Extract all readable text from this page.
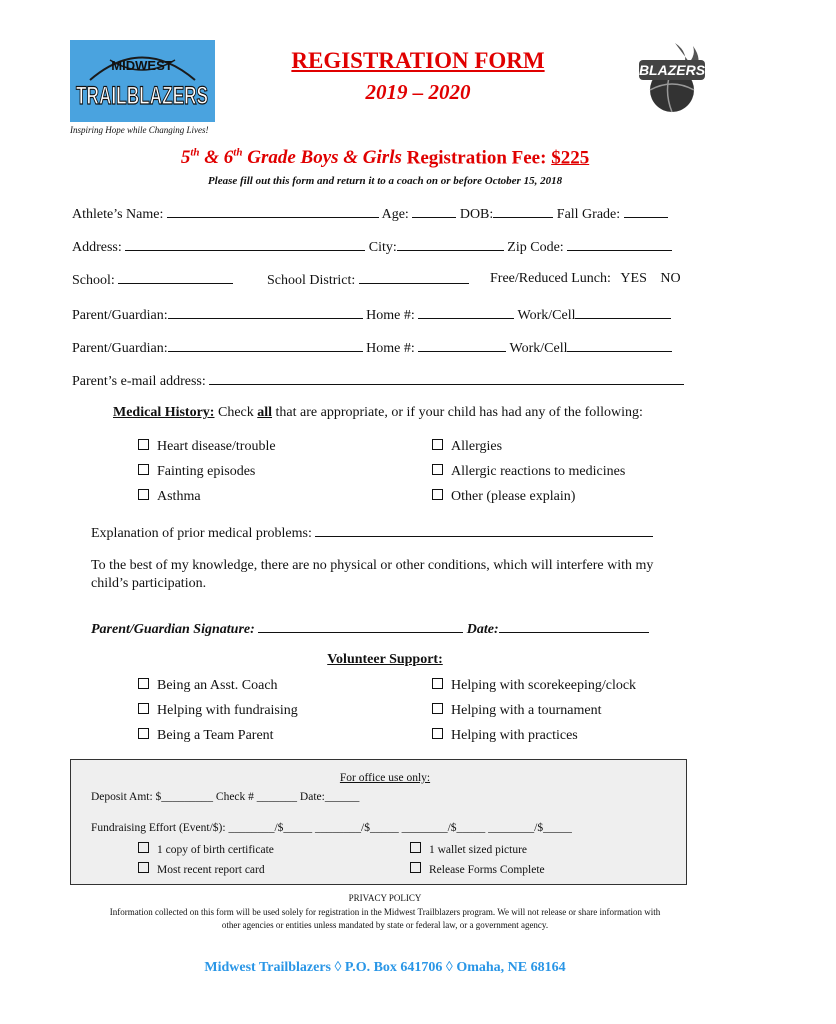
MIDWEST
TRAILBLAZERS
Inspiring Hope while Changing Lives!
REGISTRATION FORM
2019 – 2020
BLAZERS
5th & 6th Grade Boys & Girls Registration Fee: $225
Please fill out this form and return it to a coach on or before October 15, 2018
Athlete’s Name:	Age:	DOB:	Fall Grade:
Address:	City:	Zip Code:
School:	School District:	Free/Reduced Lunch: YES NO
Parent/Guardian:	Home #:	Work/Cell
Parent/Guardian:	Home #:	Work/Cell
Parent’s e-mail address:
Medical History: Check all that are appropriate, or if your child has had any of the following:
Heart disease/trouble
Fainting episodes
Asthma
Allergies
Allergic reactions to medicines
Other (please explain)
Explanation of prior medical problems:
To the best of my knowledge, there are no physical or other conditions, which will interfere with my child’s participation.
Parent/Guardian Signature:	Date:
Volunteer Support:
Being an Asst. Coach
Helping with fundraising
Being a Team Parent
Helping with scorekeeping/clock
Helping with a tournament
Helping with practices
For office use only:
Deposit Amt: $_________ Check # _______ Date:______
Fundraising Effort (Event/$): ________/$_____ ________/$_____ ________/$_____ ________/$_____
1 copy of birth certificate
Most recent report card
1 wallet sized picture
Release Forms Complete
PRIVACY POLICY
Information collected on this form will be used solely for registration in the Midwest Trailblazers program. We will not release or share information with other agencies or entities unless mandated by state or federal law, or a government agency.
Midwest Trailblazers ◊ P.O. Box 641706 ◊ Omaha, NE 68164
